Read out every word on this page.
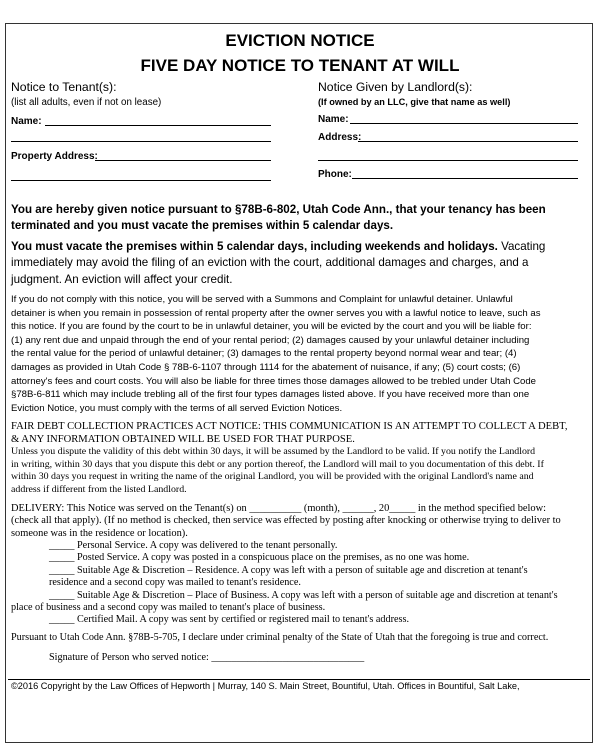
EVICTION NOTICE
FIVE DAY NOTICE TO TENANT AT WILL
Notice to Tenant(s):
(list all adults, even if not on lease)
Name:
Property Address:
Notice Given by Landlord(s):
(If owned by an LLC, give that name as well)
Name:
Address:
Phone:
You are hereby given notice pursuant to §78B-6-802, Utah Code Ann., that your tenancy has been
terminated and you must vacate the premises within 5 calendar days.
You must vacate the premises within 5 calendar days, including weekends and holidays. Vacating
immediately may avoid the filing of an eviction with the court, additional damages and charges, and a
judgment. An eviction will affect your credit.
If you do not comply with this notice, you will be served with a Summons and Complaint for unlawful detainer. Unlawful
detainer is when you remain in possession of rental property after the owner serves you with a lawful notice to leave, such as
this notice. If you are found by the court to be in unlawful detainer, you will be evicted by the court and you will be liable for:
(1) any rent due and unpaid through the end of your rental period; (2) damages caused by your unlawful detainer including
the rental value for the period of unlawful detainer; (3) damages to the rental property beyond normal wear and tear; (4)
damages as provided in Utah Code § 78B-6-1107 through 1114 for the abatement of nuisance, if any; (5) court costs; (6)
attorney's fees and court costs. You will also be liable for three times those damages allowed to be trebled under Utah Code
§78B-6-811 which may include trebling all of the first four types damages listed above. If you have received more than one
Eviction Notice, you must comply with the terms of all served Eviction Notices.
FAIR DEBT COLLECTION PRACTICES ACT NOTICE: THIS COMMUNICATION IS AN ATTEMPT TO COLLECT A DEBT,
& ANY INFORMATION OBTAINED WILL BE USED FOR THAT PURPOSE.
Unless you dispute the validity of this debt within 30 days, it will be assumed by the Landlord to be valid. If you notify the Landlord
in writing, within 30 days that you dispute this debt or any portion thereof, the Landlord will mail to you documentation of this debt. If
within 30 days you request in writing the name of the original Landlord, you will be provided with the original Landlord's name and
address if different from the listed Landlord.
DELIVERY: This Notice was served on the Tenant(s) on __________ (month), ______, 20_____ in the method specified below:
(check all that apply). (If no method is checked, then service was effected by posting after knocking or otherwise trying to deliver to
someone was in the residence or location).
_____ Personal Service. A copy was delivered to the tenant personally.
_____ Posted Service. A copy was posted in a conspicuous place on the premises, as no one was home.
_____ Suitable Age & Discretion – Residence. A copy was left with a person of suitable age and discretion at tenant's
residence and a second copy was mailed to tenant's residence.
_____ Suitable Age & Discretion – Place of Business. A copy was left with a person of suitable age and discretion at tenant's
place of business and a second copy was mailed to tenant's place of business.
_____ Certified Mail. A copy was sent by certified or registered mail to tenant's address.
Pursuant to Utah Code Ann. §78B-5-705, I declare under criminal penalty of the State of Utah that the foregoing is true and correct.
Signature of Person who served notice: ______________________________
©2016 Copyright by the Law Offices of Hepworth | Murray, 140 S. Main Street, Bountiful, Utah. Offices in Bountiful, Salt Lake,
